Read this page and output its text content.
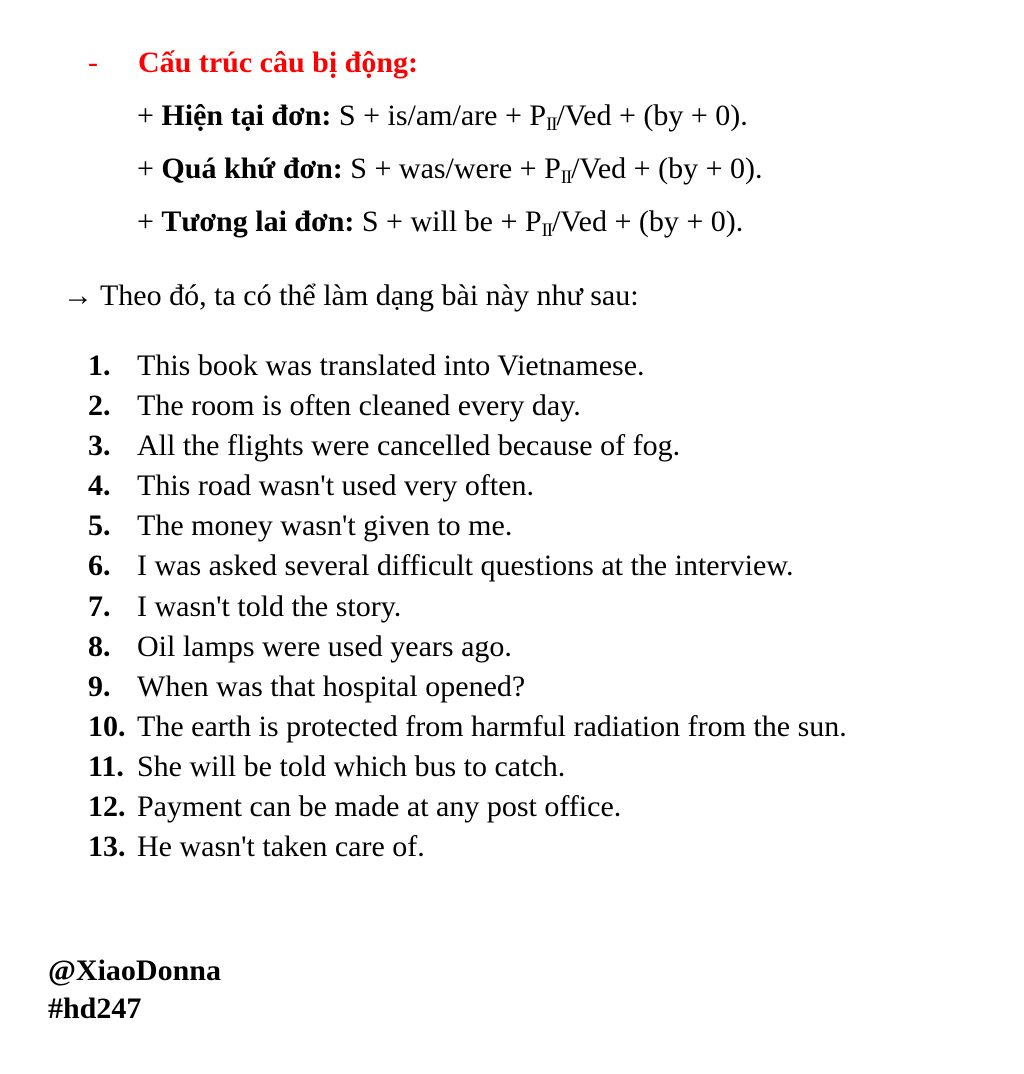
- Cấu trúc câu bị động:
+ Hiện tại đơn: S + is/am/are + PII/Ved + (by + 0).
+ Quá khứ đơn: S + was/were + PII/Ved + (by + 0).
+ Tương lai đơn: S + will be + PII/Ved + (by + 0).
→ Theo đó, ta có thể làm dạng bài này như sau:
1. This book was translated into Vietnamese.
2. The room is often cleaned every day.
3. All the flights were cancelled because of fog.
4. This road wasn't used very often.
5. The money wasn't given to me.
6. I was asked several difficult questions at the interview.
7. I wasn't told the story.
8. Oil lamps were used years ago.
9. When was that hospital opened?
10. The earth is protected from harmful radiation from the sun.
11. She will be told which bus to catch.
12. Payment can be made at any post office.
13. He wasn't taken care of.
@XiaoDonna
#hd247
